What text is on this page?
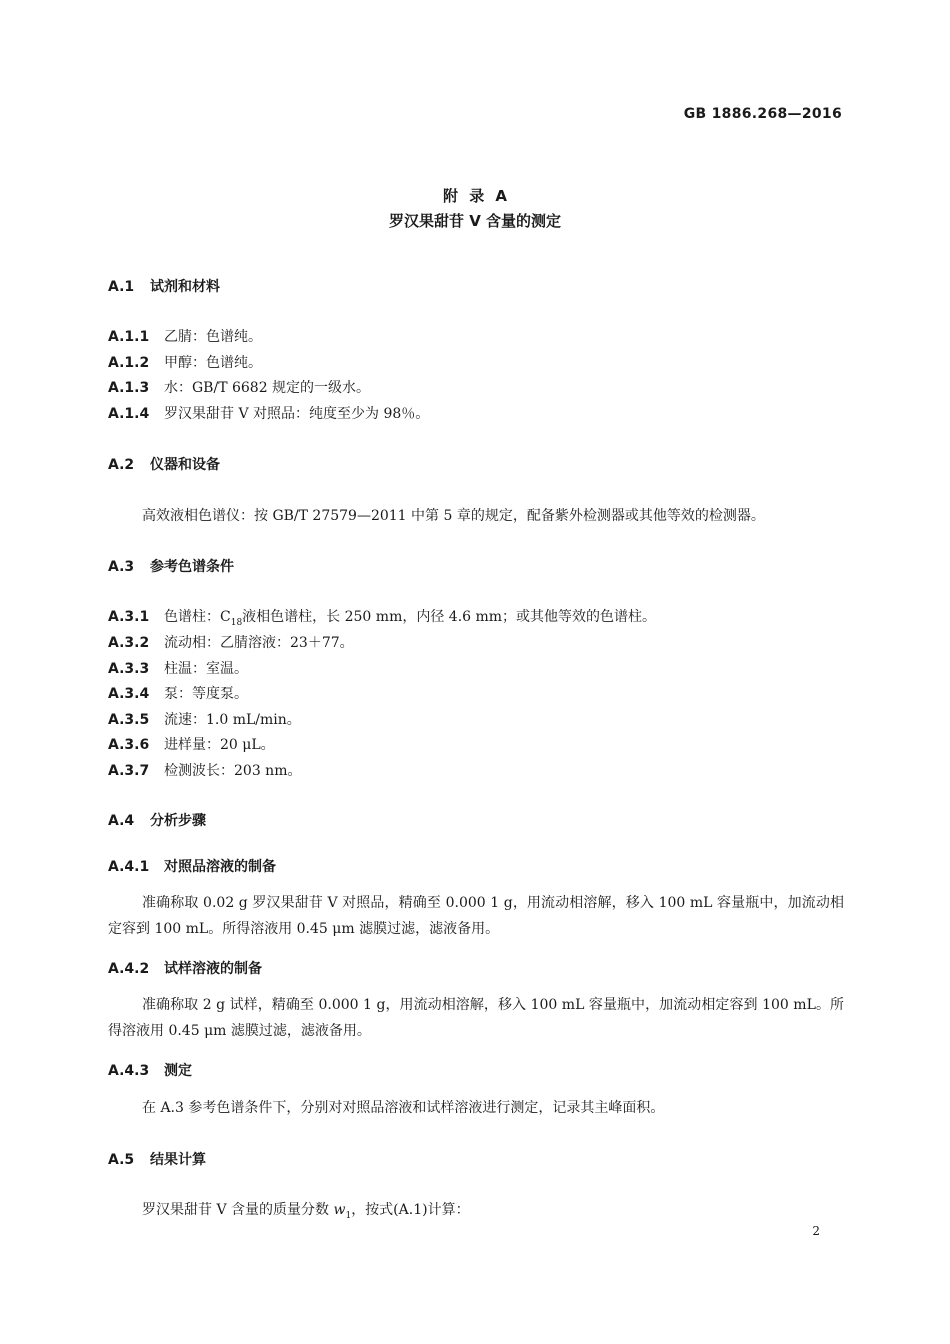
GB 1886.268—2016
附 录 A
罗汉果甜苷 V 含量的测定
A.1 试剂和材料
A.1.1 乙腈：色谱纯。
A.1.2 甲醇：色谱纯。
A.1.3 水：GB/T 6682 规定的一级水。
A.1.4 罗汉果甜苷 V 对照品：纯度至少为 98％。
A.2 仪器和设备
高效液相色谱仪：按 GB/T 27579—2011 中第 5 章的规定，配备紫外检测器或其他等效的检测器。
A.3 参考色谱条件
A.3.1 色谱柱：$C_{18}$液相色谱柱，长 250 mm，内径 4.6 mm；或其他等效的色谱柱。
A.3.2 流动相：乙腈溶液：23＋77。
A.3.3 柱温：室温。
A.3.4 泵：等度泵。
A.3.5 流速：1.0 mL/min。
A.3.6 进样量：20 μL。
A.3.7 检测波长：203 nm。
A.4 分析步骤
A.4.1 对照品溶液的制备
准确称取 0.02 g 罗汉果甜苷 V 对照品，精确至 0.000 1 g，用流动相溶解，移入 100 mL 容量瓶中，加流动相定容到 100 mL。所得溶液用 0.45 μm 滤膜过滤，滤液备用。
A.4.2 试样溶液的制备
准确称取 2 g 试样，精确至 0.000 1 g，用流动相溶解，移入 100 mL 容量瓶中，加流动相定容到 100 mL。所得溶液用 0.45 μm 滤膜过滤，滤液备用。
A.4.3 测定
在 A.3 参考色谱条件下，分别对对照品溶液和试样溶液进行测定，记录其主峰面积。
A.5 结果计算
罗汉果甜苷 V 含量的质量分数 $w_1$，按式(A.1)计算：
2
